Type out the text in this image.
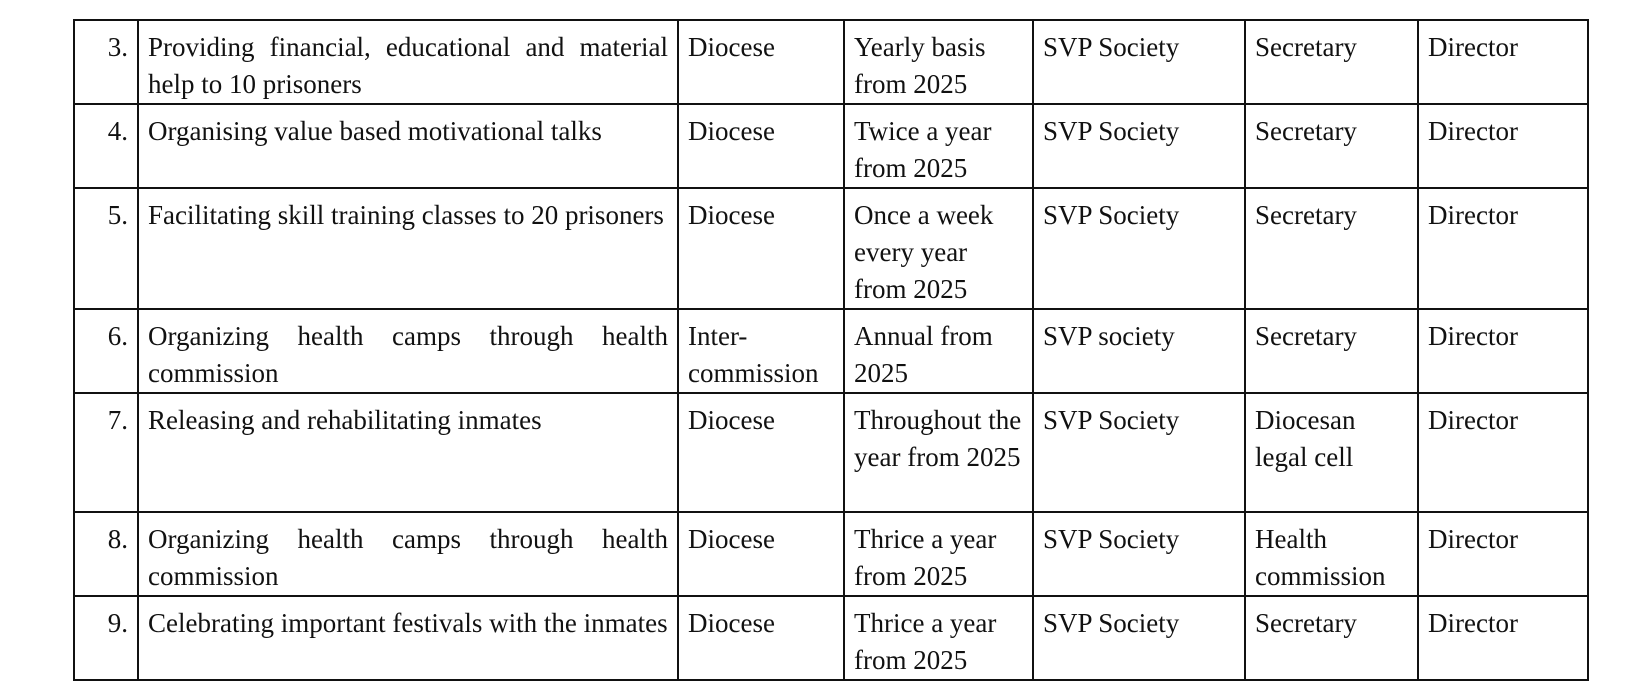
3.	Providing financial, educational and material help to 10 prisoners	Diocese	Yearly basis from 2025	SVP Society	Secretary	Director
4.	Organising value based motivational talks	Diocese	Twice a year from 2025	SVP Society	Secretary	Director
5.	Facilitating skill training classes to 20 prisoners	Diocese	Once a week every year from 2025	SVP Society	Secretary	Director
6.	Organizing health camps through health commission	Inter-commission	Annual from 2025	SVP society	Secretary	Director
7.	Releasing and rehabilitating inmates	Diocese	Throughout the year from 2025	SVP Society	Diocesan legal cell	Director
8.	Organizing health camps through health commission	Diocese	Thrice a year from 2025	SVP Society	Health commission	Director
9.	Celebrating important festivals with the inmates	Diocese	Thrice a year from 2025	SVP Society	Secretary	Director
